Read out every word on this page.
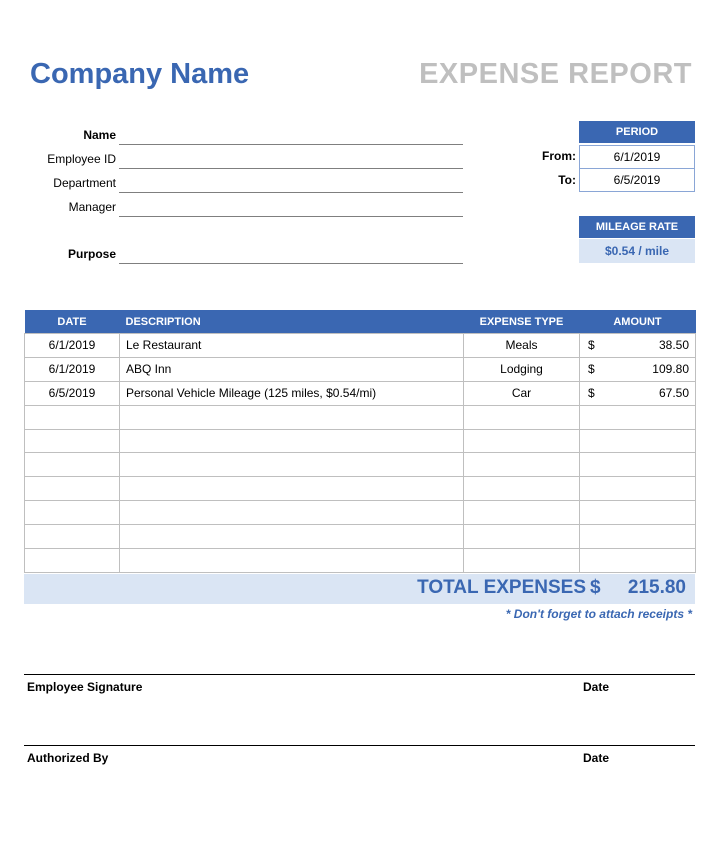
Company Name	EXPENSE REPORT
Name
Employee ID
Department
Manager
Purpose
PERIOD
From:	6/1/2019
To:	6/5/2019
MILEAGE RATE
$0.54 / mile
DATE	DESCRIPTION	EXPENSE TYPE	AMOUNT
6/1/2019	Le Restaurant	Meals	$ 38.50
6/1/2019	ABQ Inn	Lodging	$ 109.80
6/5/2019	Personal Vehicle Mileage (125 miles, $0.54/mi)	Car	$ 67.50

TOTAL EXPENSES $ 215.80
* Don't forget to attach receipts *
Employee Signature	Date
Authorized By	Date
